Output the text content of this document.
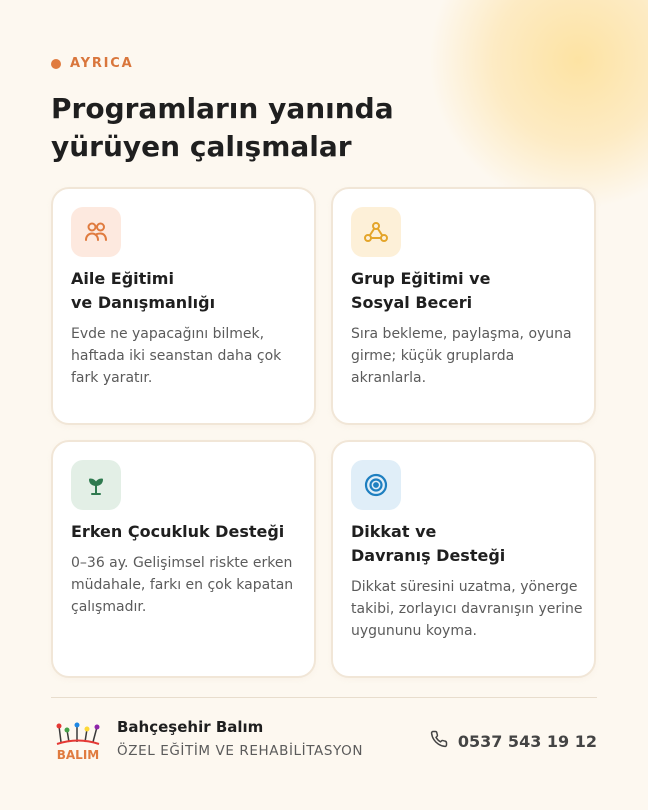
AYRICA
Programların yanında
yürüyen çalışmalar
Aile Eğitimi
ve Danışmanlığı

Evde ne yapacağını bilmek, haftada iki seanstan daha çok fark yaratır.

Grup Eğitimi ve
Sosyal Beceri

Sıra bekleme, paylaşma, oyuna girme; küçük gruplarda akranlarla.

Erken Çocukluk Desteği

0–36 ay. Gelişimsel riskte erken müdahale, farkı en çok kapatan çalışmadır.

Dikkat ve
Davranış Desteği

Dikkat süresini uzatma, yönerge takibi, zorlayıcı davranışın yerine uygununu koyma.

BALIM
Bahçeşehir Balım
ÖZEL EĞİTİM VE REHABİLİTASYON
0537 543 19 12
